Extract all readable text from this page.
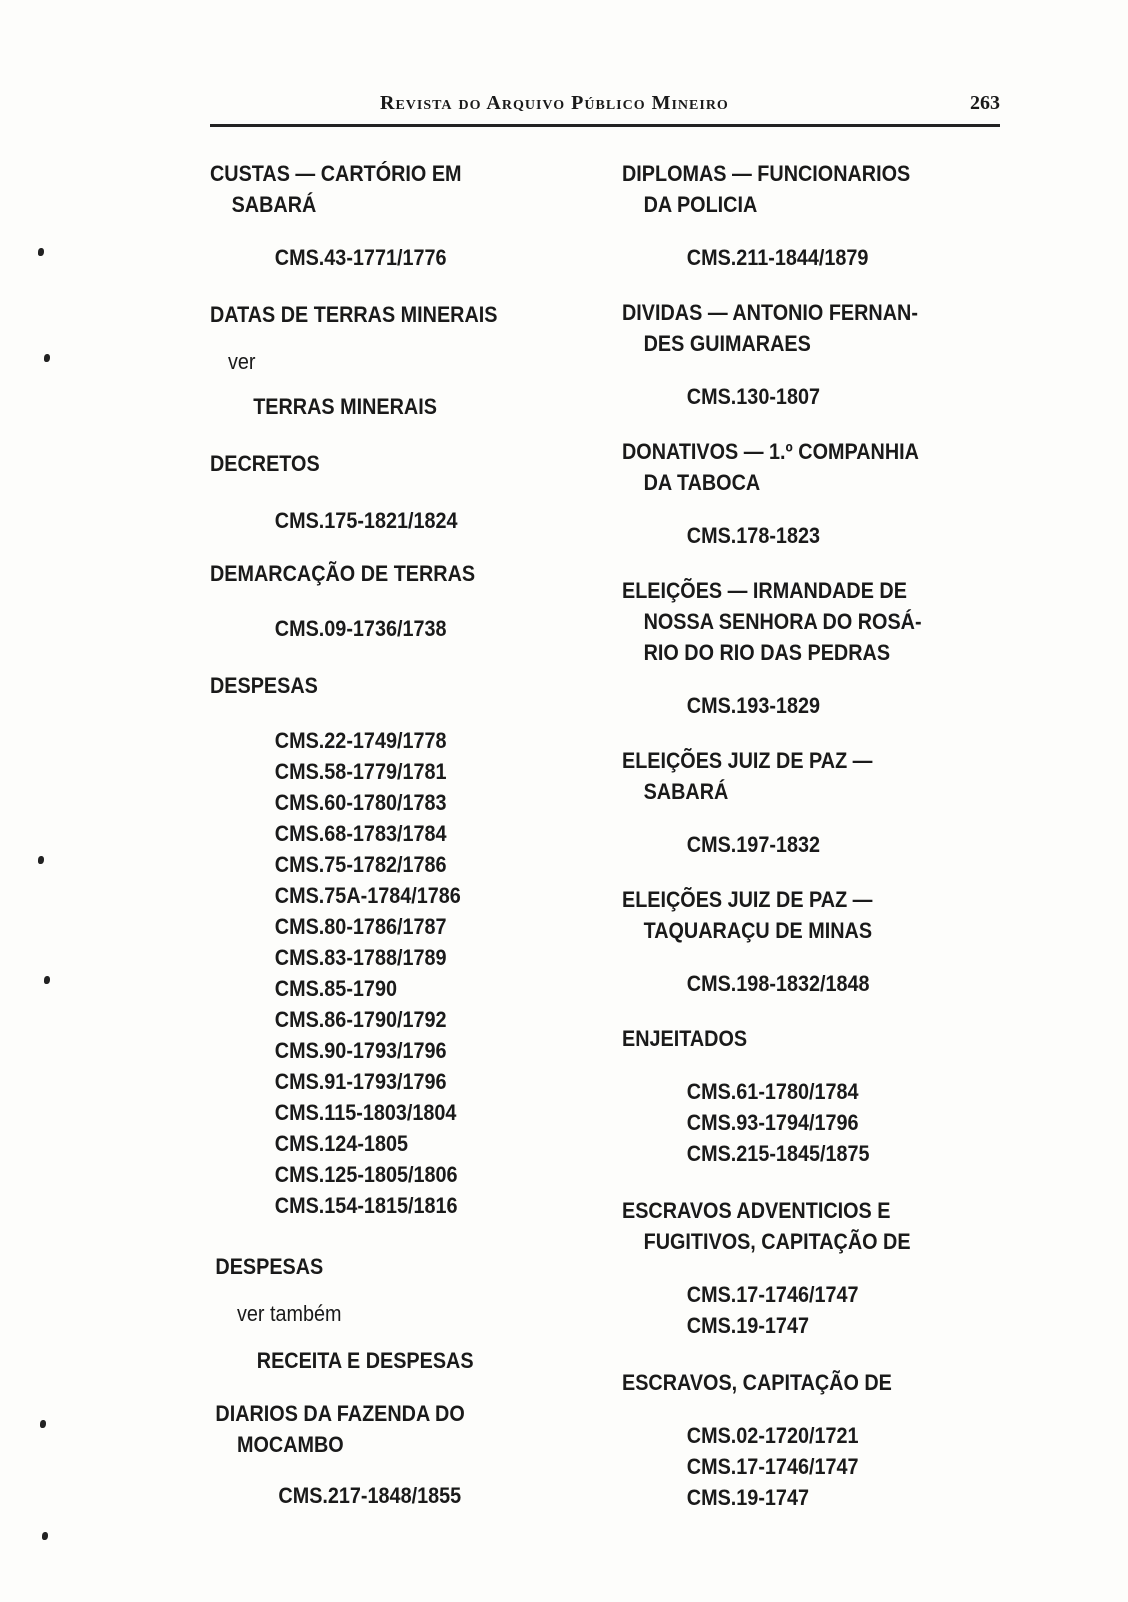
Revista do Arquivo Público Mineiro	263
CUSTAS — CARTÓRIO EM
SABARÁ
CMS.43-1771/1776
DATAS DE TERRAS MINERAIS
ver
TERRAS MINERAIS
DECRETOS
CMS.175-1821/1824
DEMARCAÇÃO DE TERRAS
CMS.09-1736/1738
DESPESAS
CMS.22-1749/1778
CMS.58-1779/1781
CMS.60-1780/1783
CMS.68-1783/1784
CMS.75-1782/1786
CMS.75A-1784/1786
CMS.80-1786/1787
CMS.83-1788/1789
CMS.85-1790
CMS.86-1790/1792
CMS.90-1793/1796
CMS.91-1793/1796
CMS.115-1803/1804
CMS.124-1805
CMS.125-1805/1806
CMS.154-1815/1816
DESPESAS
ver também
RECEITA E DESPESAS
DIARIOS DA FAZENDA DO
MOCAMBO
CMS.217-1848/1855
DIPLOMAS — FUNCIONARIOS
DA POLICIA
CMS.211-1844/1879
DIVIDAS — ANTONIO FERNAN-
DES GUIMARAES
CMS.130-1807
DONATIVOS — 1.º COMPANHIA
DA TABOCA
CMS.178-1823
ELEIÇÕES — IRMANDADE DE
NOSSA SENHORA DO ROSÁ-
RIO DO RIO DAS PEDRAS
CMS.193-1829
ELEIÇÕES JUIZ DE PAZ —
SABARÁ
CMS.197-1832
ELEIÇÕES JUIZ DE PAZ —
TAQUARAÇU DE MINAS
CMS.198-1832/1848
ENJEITADOS
CMS.61-1780/1784
CMS.93-1794/1796
CMS.215-1845/1875
ESCRAVOS ADVENTICIOS E
FUGITIVOS, CAPITAÇÃO DE
CMS.17-1746/1747
CMS.19-1747
ESCRAVOS, CAPITAÇÃO DE
CMS.02-1720/1721
CMS.17-1746/1747
CMS.19-1747
